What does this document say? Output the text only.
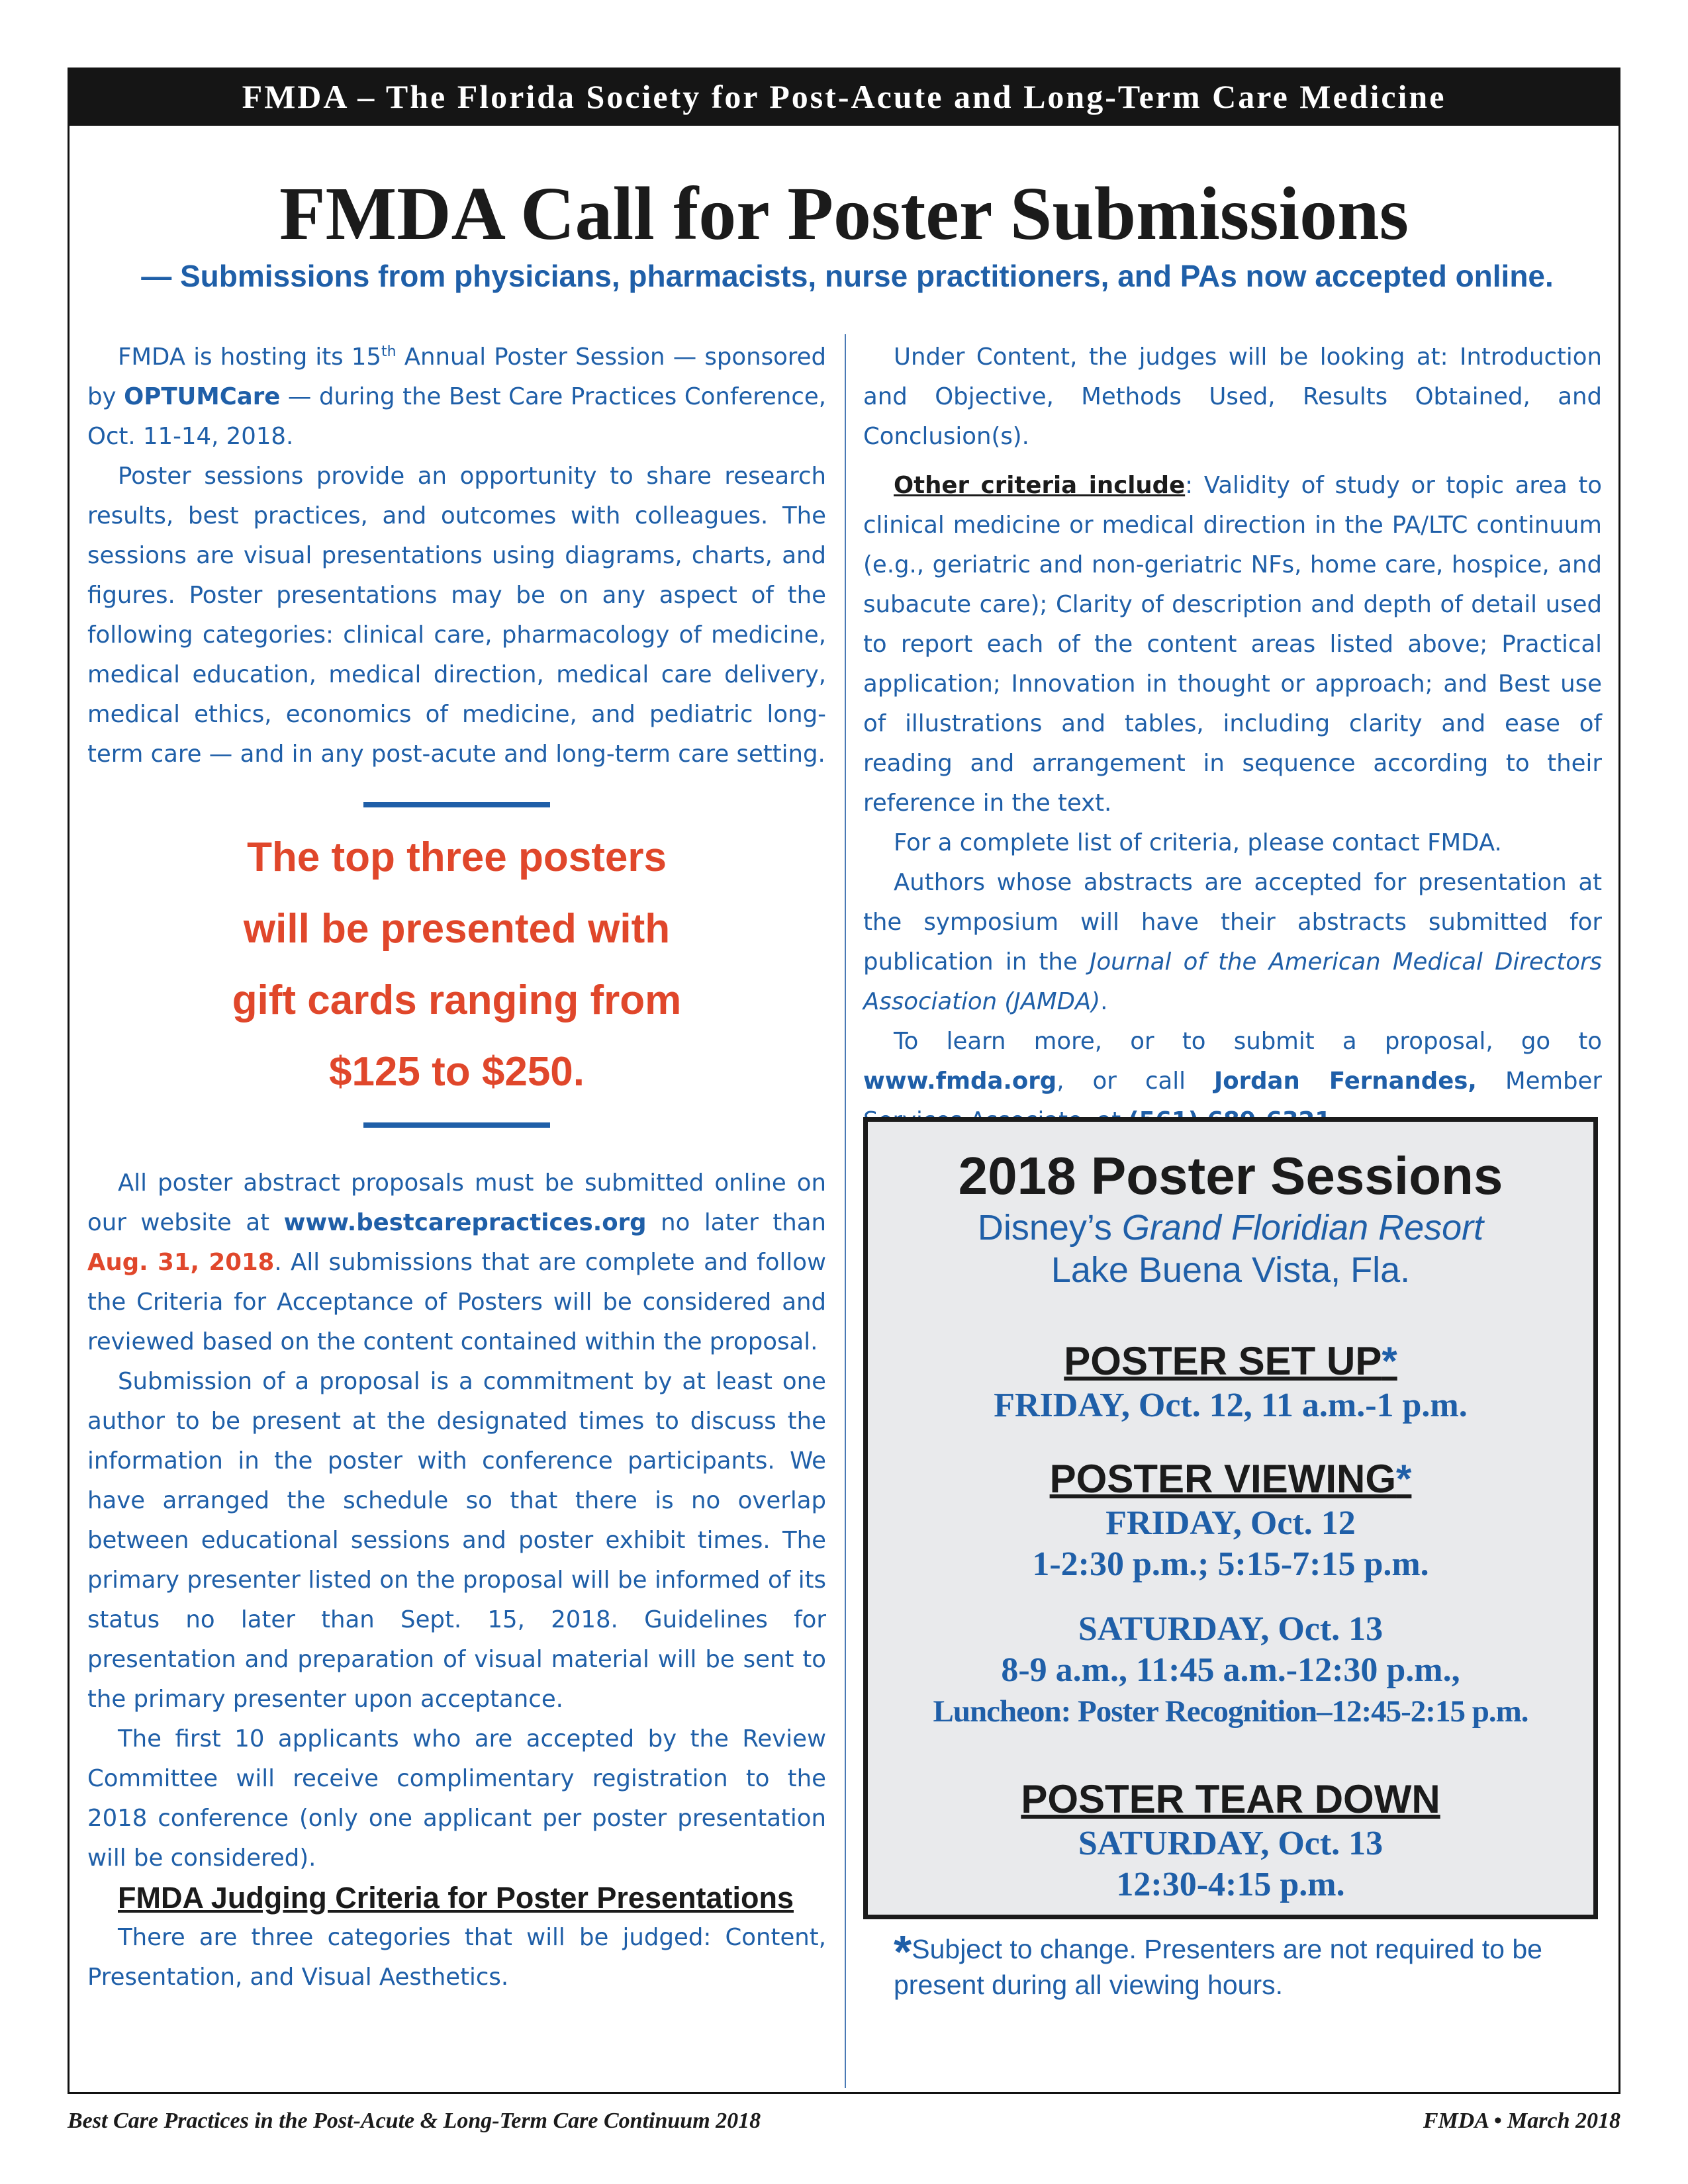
FMDA – The Florida Society for Post-Acute and Long-Term Care Medicine
FMDA Call for Poster Submissions
— Submissions from physicians, pharmacists, nurse practitioners, and PAs now accepted online.

FMDA is hosting its 15th Annual Poster Session — sponsored by OPTUMCare — during the Best Care Practices Conference, Oct. 11-14, 2018.

Poster sessions provide an opportunity to share research results, best practices, and outcomes with colleagues. The sessions are visual presentations using diagrams, charts, and figures. Poster presentations may be on any aspect of the following categories: clinical care, pharmacology of medicine, medical education, medical direction, medical care delivery, medical ethics, economics of medicine, and pediatric long-term care — and in any post-acute and long-term care setting.

The top three posters
will be presented with
gift cards ranging from
$125 to $250.

All poster abstract proposals must be submitted online on our website at www.bestcarepractices.org no later than Aug. 31, 2018. All submissions that are complete and follow the Criteria for Acceptance of Posters will be considered and reviewed based on the content contained within the proposal.

Submission of a proposal is a commitment by at least one author to be present at the designated times to discuss the information in the poster with conference participants. We have arranged the schedule so that there is no overlap between educational sessions and poster exhibit times. The primary presenter listed on the proposal will be informed of its status no later than Sept. 15, 2018. Guidelines for presentation and preparation of visual material will be sent to the primary presenter upon acceptance.

The first 10 applicants who are accepted by the Review Committee will receive complimentary registration to the 2018 conference (only one applicant per poster presentation will be considered).

FMDA Judging Criteria for Poster Presentations

There are three categories that will be judged: Content, Presentation, and Visual Aesthetics.

Under Content, the judges will be looking at: Introduction and Objective, Methods Used, Results Obtained, and Conclusion(s).

Other criteria include: Validity of study or topic area to clinical medicine or medical direction in the PA/LTC continuum (e.g., geriatric and non-geriatric NFs, home care, hospice, and subacute care); Clarity of description and depth of detail used to report each of the content areas listed above; Practical application; Innovation in thought or approach; and Best use of illustrations and tables, including clarity and ease of reading and arrangement in sequence according to their reference in the text.

For a complete list of criteria, please contact FMDA.

Authors whose abstracts are accepted for presentation at the symposium will have their abstracts submitted for publication in the Journal of the American Medical Directors Association (JAMDA).

To learn more, or to submit a proposal, go to www.fmda.org, or call Jordan Fernandes, Member

2018 Poster Sessions
Disney’s Grand Floridian Resort
Lake Buena Vista, Fla.
POSTER SET UP*
FRIDAY, Oct. 12, 11 a.m.-1 p.m.
POSTER VIEWING*
FRIDAY, Oct. 12
1-2:30 p.m.; 5:15-7:15 p.m.
SATURDAY, Oct. 13
8-9 a.m., 11:45 a.m.-12:30 p.m.,
Luncheon: Poster Recognition–12:45-2:15 p.m.
POSTER TEAR DOWN
SATURDAY, Oct. 13
12:30-4:15 p.m.
*Subject to change. Presenters are not required to be present during all viewing hours.
Best Care Practices in the Post-Acute & Long-Term Care Continuum 2018	FMDA • March 2018
